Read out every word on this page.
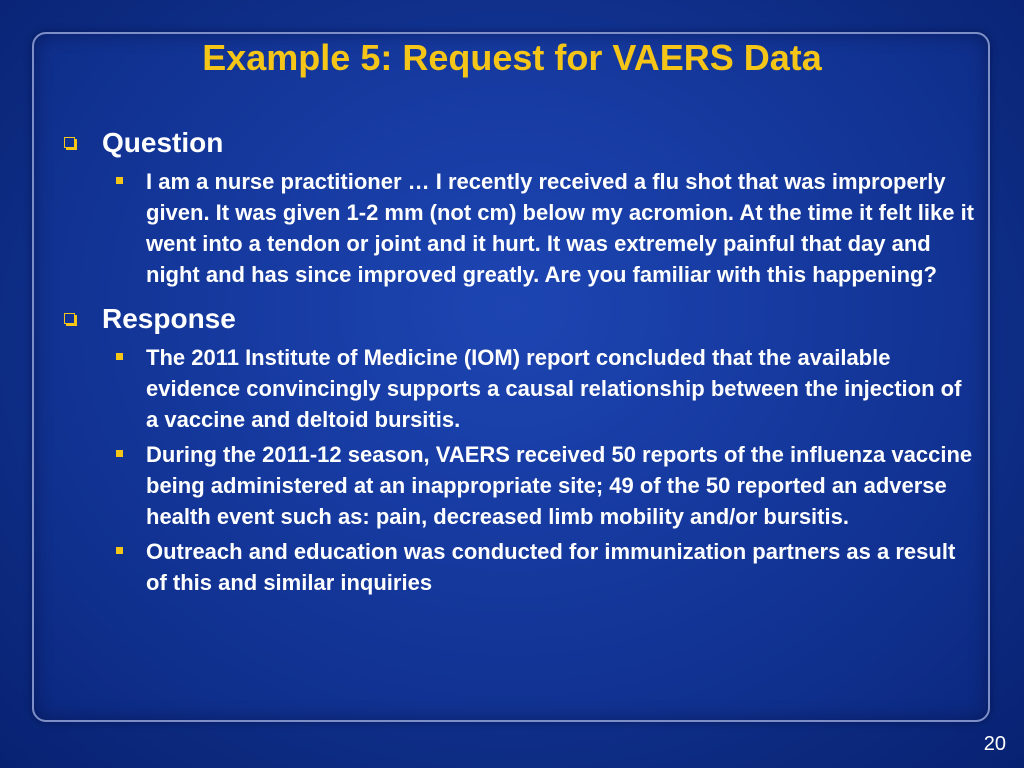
Example 5: Request for VAERS Data
Question
I am a nurse practitioner … I recently received a flu shot that was improperly given. It was given 1-2 mm (not cm) below my acromion. At the time it felt like it went into a tendon or joint and it hurt. It was extremely painful that day and night and has since improved greatly. Are you familiar with this happening?
Response
The 2011 Institute of Medicine (IOM) report concluded that the available evidence convincingly supports a causal relationship between the injection of a vaccine and deltoid bursitis.
During the 2011-12 season, VAERS received 50 reports of the influenza vaccine being administered at an inappropriate site; 49 of the 50 reported an adverse health event such as: pain, decreased limb mobility and/or bursitis.
Outreach and education was conducted for immunization partners as a result of this and similar inquiries
20
